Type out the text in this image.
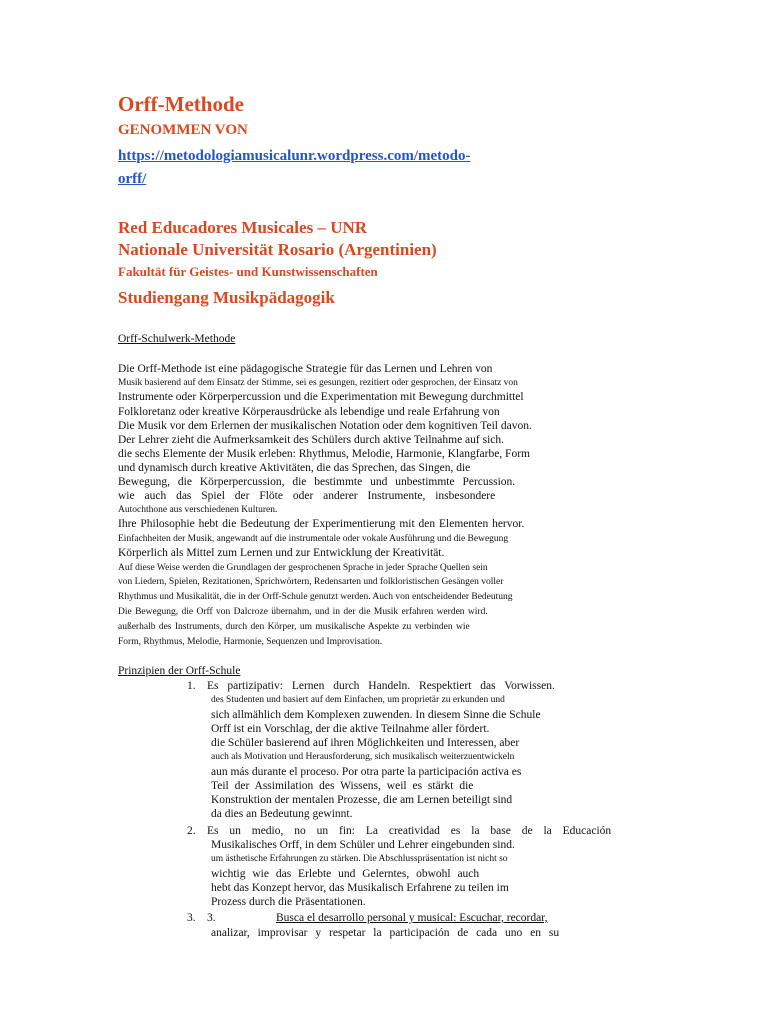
Orff-Methode
GENOMMEN VON
https://metodologiamusicalunr.wordpress.com/metodo-
orff/
Red Educadores Musicales – UNR
Nationale Universität Rosario (Argentinien)
Fakultät für Geistes- und Kunstwissenschaften
Studiengang Musikpädagogik
Orff-Schulwerk-Methode
Die Orff-Methode ist eine pädagogische Strategie für das Lernen und Lehren von
Musik basierend auf dem Einsatz der Stimme, sei es gesungen, rezitiert oder gesprochen, der Einsatz von
Instrumente oder Körperpercussion und die Experimentation mit Bewegung durchmittel
Folkloretanz oder kreative Körperausdrücke als lebendige und reale Erfahrung von
Die Musik vor dem Erlernen der musikalischen Notation oder dem kognitiven Teil davon.
Der Lehrer zieht die Aufmerksamkeit des Schülers durch aktive Teilnahme auf sich.
die sechs Elemente der Musik erleben: Rhythmus, Melodie, Harmonie, Klangfarbe, Form
und dynamisch durch kreative Aktivitäten, die das Sprechen, das Singen, die
Bewegung, die Körperpercussion, die bestimmte und unbestimmte Percussion.
wie auch das Spiel der Flöte oder anderer Instrumente, insbesondere
Autochthone aus verschiedenen Kulturen.
Ihre Philosophie hebt die Bedeutung der Experimentierung mit den Elementen hervor.
Einfachheiten der Musik, angewandt auf die instrumentale oder vokale Ausführung und die Bewegung
Körperlich als Mittel zum Lernen und zur Entwicklung der Kreativität.
Auf diese Weise werden die Grundlagen der gesprochenen Sprache in jeder Sprache Quellen sein
von Liedern, Spielen, Rezitationen, Sprichwörtern, Redensarten und folkloristischen Gesängen voller
Rhythmus und Musikalität, die in der Orff-Schule genutzt werden. Auch von entscheidender Bedeutung
Die Bewegung, die Orff von Dalcroze übernahm, und in der die Musik erfahren werden wird.
außerhalb des Instruments, durch den Körper, um musikalische Aspekte zu verbinden wie
Form, Rhythmus, Melodie, Harmonie, Sequenzen und Improvisation.
Prinzipien der Orff-Schule
1. Es partizipativ: Lernen durch Handeln. Respektiert das Vorwissen.
des Studenten und basiert auf dem Einfachen, um proprietär zu erkunden und
sich allmählich dem Komplexen zuwenden. In diesem Sinne die Schule
Orff ist ein Vorschlag, der die aktive Teilnahme aller fördert.
die Schüler basierend auf ihren Möglichkeiten und Interessen, aber
auch als Motivation und Herausforderung, sich musikalisch weiterzuentwickeln
aun más durante el proceso. Por otra parte la participación activa es
Teil der Assimilation des Wissens, weil es stärkt die
Konstruktion der mentalen Prozesse, die am Lernen beteiligt sind
da dies an Bedeutung gewinnt.
2. Es un medio, no un fin: La creatividad es la base de la Educación
Musikalisches Orff, in dem Schüler und Lehrer eingebunden sind.
um ästhetische Erfahrungen zu stärken. Die Abschlusspräsentation ist nicht so
wichtig wie das Erlebte und Gelerntes, obwohl auch
hebt das Konzept hervor, das Musikalisch Erfahrene zu teilen im
Prozess durch die Präsentationen.
3. 3.	Busca el desarrollo personal y musical: Escuchar, recordar,
analizar, improvisar y respetar la participación de cada uno en su
